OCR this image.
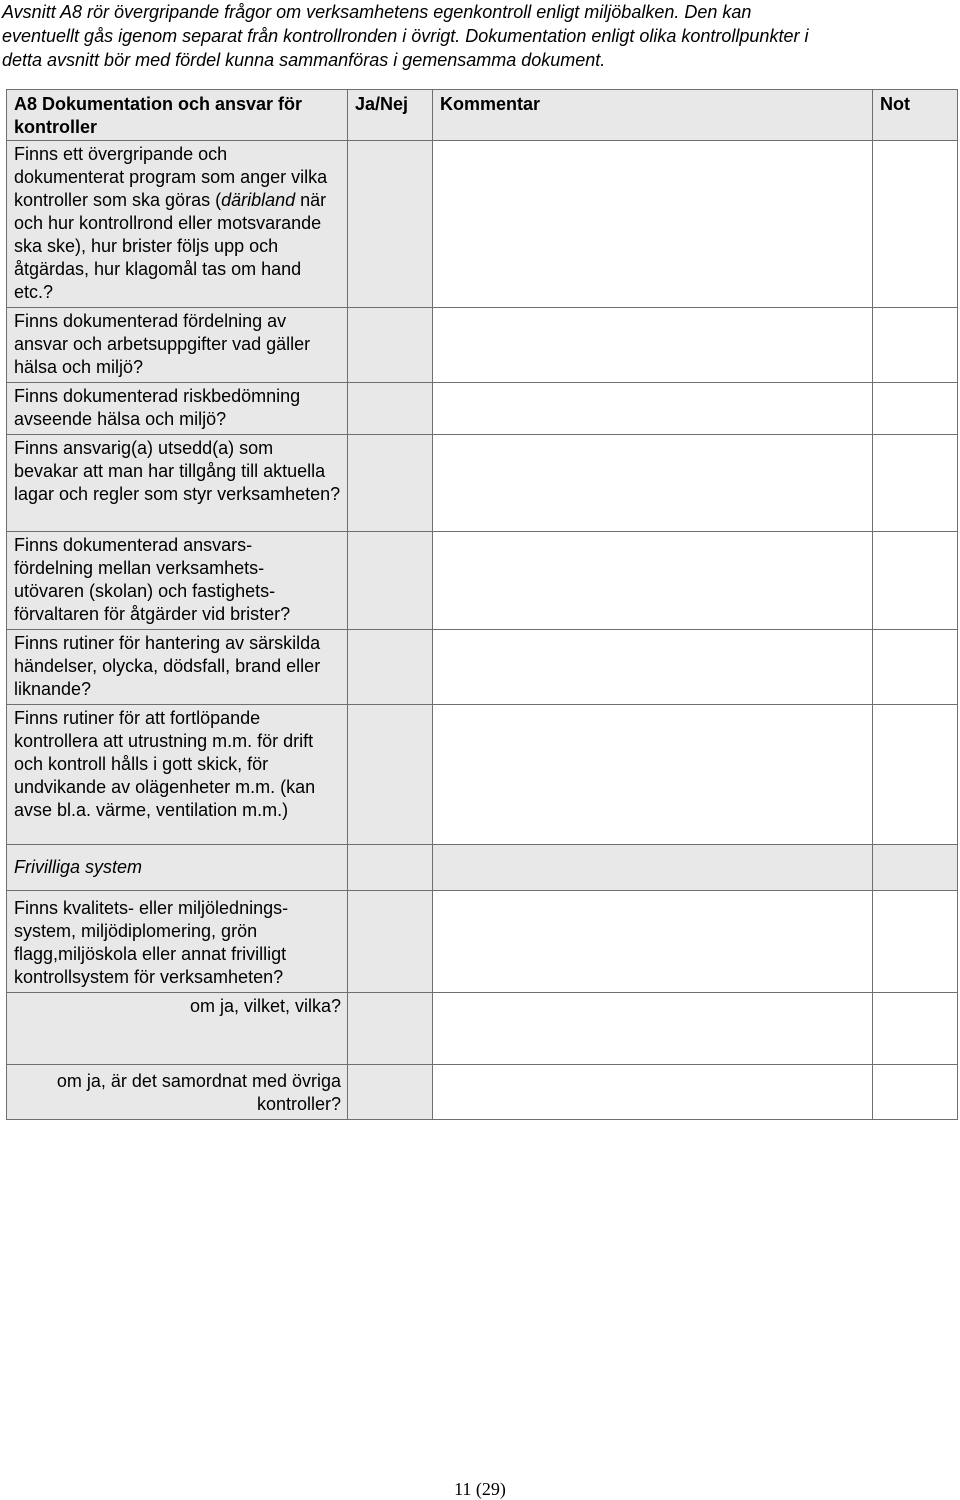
Avsnitt A8 rör övergripande frågor om verksamhetens egenkontroll enligt miljöbalken. Den kan
eventuellt gås igenom separat från kontrollronden i övrigt. Dokumentation enligt olika kontrollpunkter i
detta avsnitt bör med fördel kunna sammanföras i gemensamma dokument.
A8 Dokumentation och ansvar för kontroller	Ja/Nej	Kommentar	Not

Finns ett övergripande och dokumenterat program som anger vilka kontroller som ska göras (däribland när och hur kontrollrond eller motsvarande ska ske), hur brister följs upp och åtgärdas, hur klagomål tas om hand etc.?			

Finns dokumenterad fördelning av ansvar och arbetsuppgifter vad gäller hälsa och miljö?			

Finns dokumenterad riskbedömning avseende hälsa och miljö?			

Finns ansvarig(a) utsedd(a) som bevakar att man har tillgång till aktuella lagar och regler som styr verksamheten?			

Finns dokumenterad ansvars-
fördelning mellan verksamhets-
utövaren (skolan) och fastighets-
förvaltaren för åtgärder vid brister?			

Finns rutiner för hantering av särskilda händelser, olycka, dödsfall, brand eller liknande?			

Finns rutiner för att fortlöpande kontrollera att utrustning m.m. för drift och kontroll hålls i gott skick, för undvikande av olägenheter m.m. (kan avse bl.a. värme, ventilation m.m.)			

Frivilliga system			

Finns kvalitets- eller miljölednings-
system, miljödiplomering, grön
flagg,miljöskola eller annat frivilligt
kontrollsystem för verksamheten?			

om ja, vilket, vilka?			

om ja, är det samordnat med övriga kontroller?			

11 (29)
